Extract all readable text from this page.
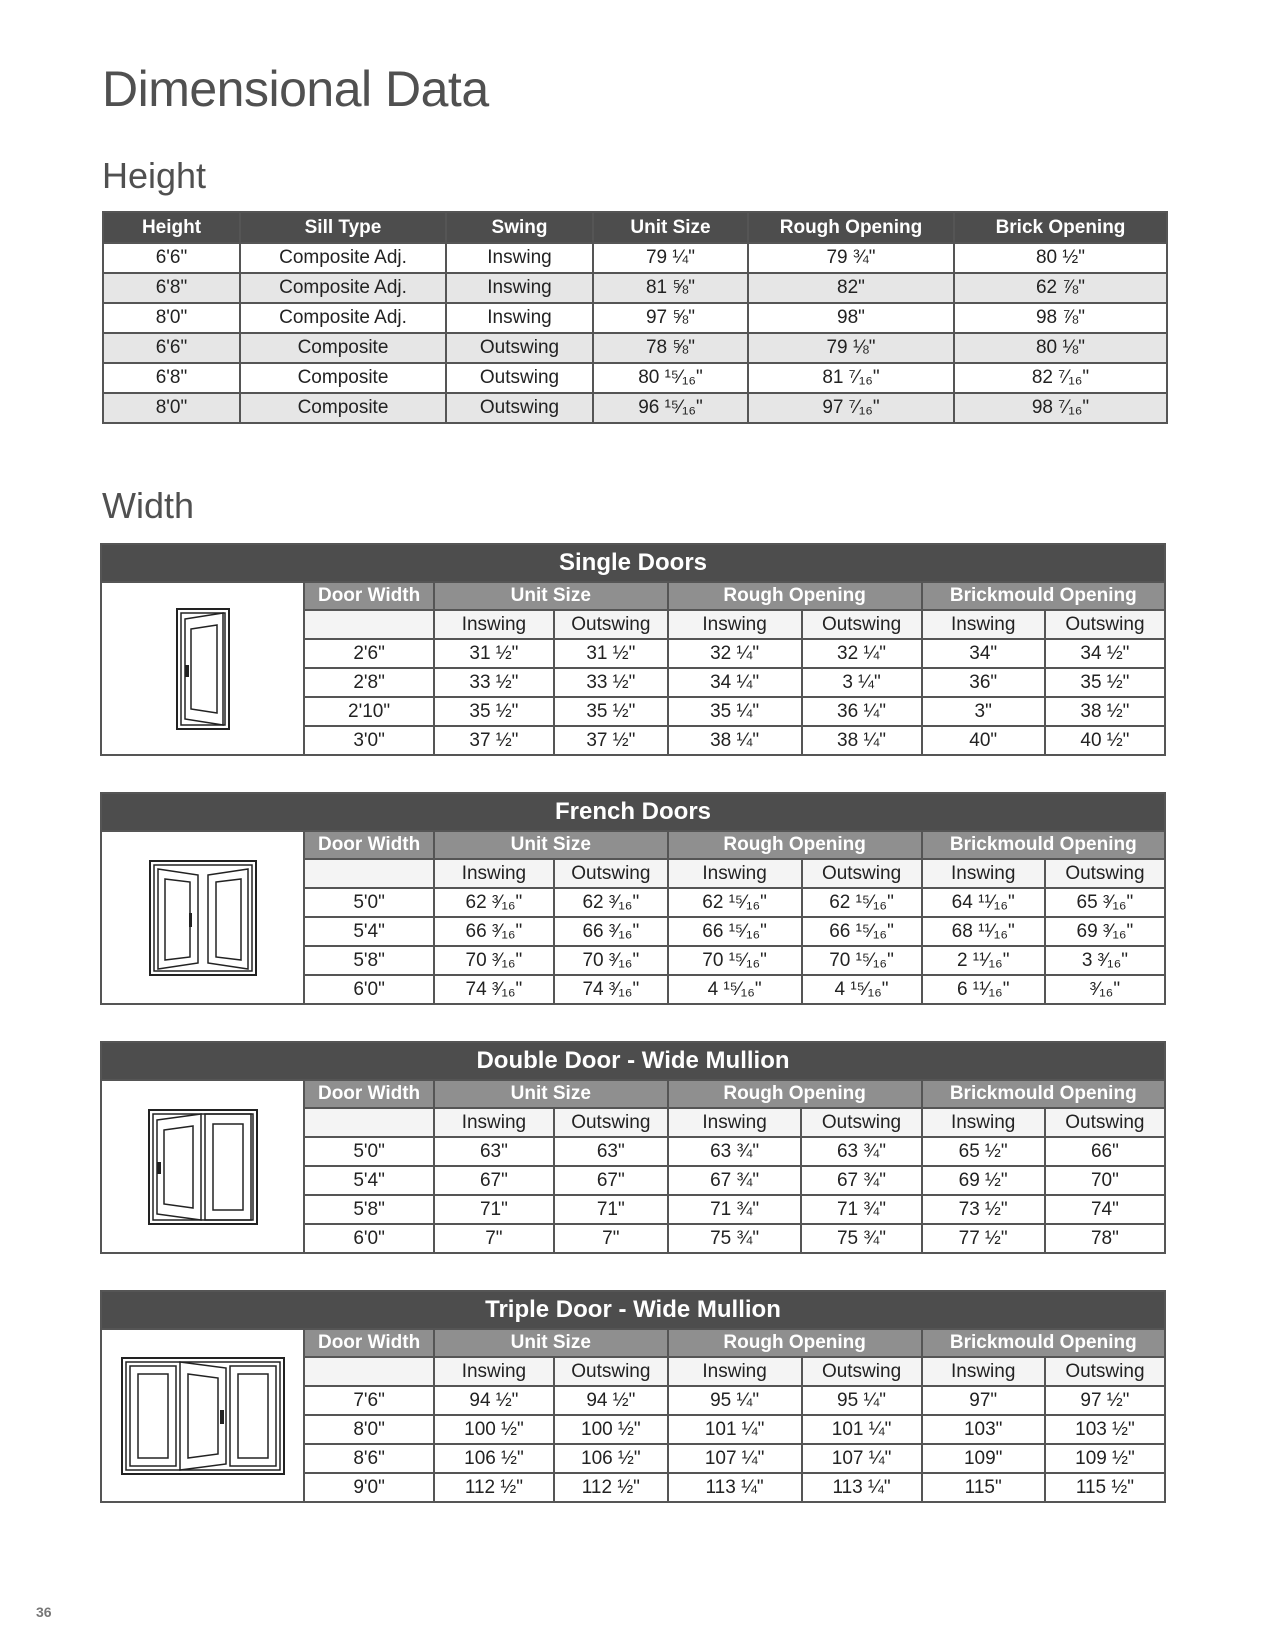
Dimensional Data
Height
Height	Sill Type	Swing	Unit Size	Rough Opening	Brick Opening
6'6"	Composite Adj.	Inswing	79 ¼"	79 ¾"	80 ½"
6'8"	Composite Adj.	Inswing	81 ⅝"	82"	62 ⅞"
8'0"	Composite Adj.	Inswing	97 ⅝"	98"	98 ⅞"
6'6"	Composite	Outswing	78 ⅝"	79 ⅛"	80 ⅛"
6'8"	Composite	Outswing	80 ¹⁵⁄₁₆"	81 ⁷⁄₁₆"	82 ⁷⁄₁₆"
8'0"	Composite	Outswing	96 ¹⁵⁄₁₆"	97 ⁷⁄₁₆"	98 ⁷⁄₁₆"
Width
Single Doors							

	Door Width	Unit Size		Rough Opening		Brickmould Opening	
		Inswing	Outswing	Inswing	Outswing	Inswing	Outswing
	2'6"	31 ½"	31 ½"	32 ¼"	32 ¼"	34"	34 ½"
	2'8"	33 ½"	33 ½"	34 ¼"	3 ¼"	36"	35 ½"
	2'10"	35 ½"	35 ½"	35 ¼"	36 ¼"	3"	38 ½"
	3'0"	37 ½"	37 ½"	38 ¼"	38 ¼"	40"	40 ½"
French Doors							

	Door Width	Unit Size		Rough Opening		Brickmould Opening	
		Inswing	Outswing	Inswing	Outswing	Inswing	Outswing
	5'0"	62 ³⁄₁₆"	62 ³⁄₁₆"	62 ¹⁵⁄₁₆"	62 ¹⁵⁄₁₆"	64 ¹¹⁄₁₆"	65 ³⁄₁₆"
	5'4"	66 ³⁄₁₆"	66 ³⁄₁₆"	66 ¹⁵⁄₁₆"	66 ¹⁵⁄₁₆"	68 ¹¹⁄₁₆"	69 ³⁄₁₆"
	5'8"	70 ³⁄₁₆"	70 ³⁄₁₆"	70 ¹⁵⁄₁₆"	70 ¹⁵⁄₁₆"	2 ¹¹⁄₁₆"	3 ³⁄₁₆"
	6'0"	74 ³⁄₁₆"	74 ³⁄₁₆"	4 ¹⁵⁄₁₆"	4 ¹⁵⁄₁₆"	6 ¹¹⁄₁₆"	³⁄₁₆"
Double Door - Wide Mullion							

	Door Width	Unit Size		Rough Opening		Brickmould Opening	
		Inswing	Outswing	Inswing	Outswing	Inswing	Outswing
	5'0"	63"	63"	63 ¾"	63 ¾"	65 ½"	66"
	5'4"	67"	67"	67 ¾"	67 ¾"	69 ½"	70"
	5'8"	71"	71"	71 ¾"	71 ¾"	73 ½"	74"
	6'0"	7"	7"	75 ¾"	75 ¾"	77 ½"	78"
Triple Door - Wide Mullion							

	Door Width	Unit Size		Rough Opening		Brickmould Opening	
		Inswing	Outswing	Inswing	Outswing	Inswing	Outswing
	7'6"	94 ½"	94 ½"	95 ¼"	95 ¼"	97"	97 ½"
	8'0"	100 ½"	100 ½"	101 ¼"	101 ¼"	103"	103 ½"
	8'6"	106 ½"	106 ½"	107 ¼"	107 ¼"	109"	109 ½"
	9'0"	112 ½"	112 ½"	113 ¼"	113 ¼"	115"	115 ½"
36
